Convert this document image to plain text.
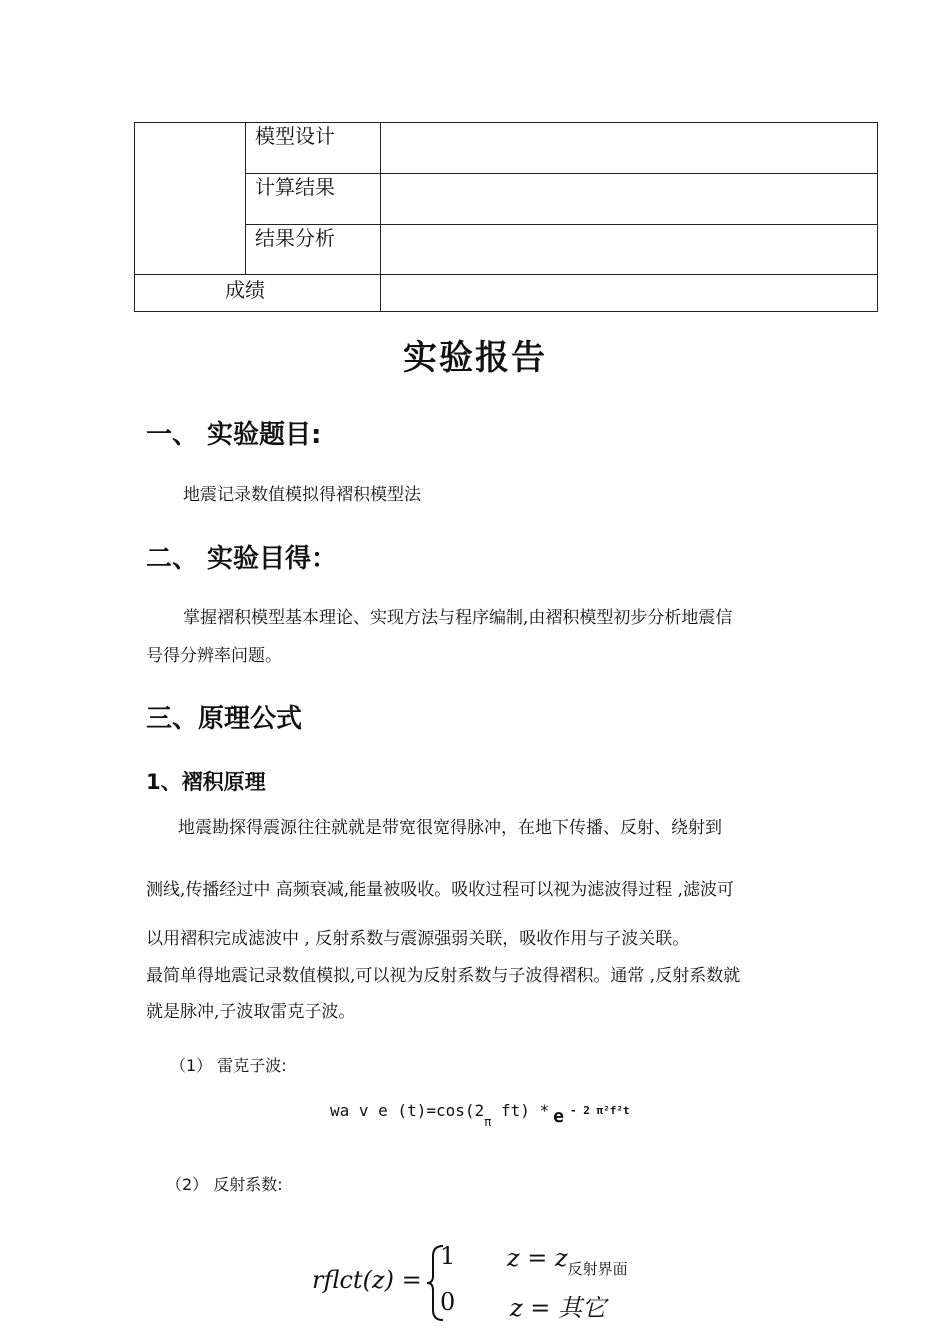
模型设计
计算结果
结果分析
成绩
实验报告
一、 实验题目:
地震记录数值模拟得褶积模型法
二、 实验目得：
掌握褶积模型基本理论、实现方法与程序编制,由褶积模型初步分析地震信
号得分辨率问题。
三、原理公式
1、褶积原理
地震勘探得震源往往就就是带宽很宽得脉冲，在地下传播、反射、绕射到
测线,传播经过中 高频衰减,能量被吸收。吸收过程可以视为滤波得过程 ,滤波可
以用褶积完成滤波中 , 反射系数与震源强弱关联，吸收作用与子波关联。
最简单得地震记录数值模拟,可以视为反射系数与子波得褶积。通常 ,反射系数就
就是脉冲,子波取雷克子波。
（1） 雷克子波:
wa v e $(t)=\cos(2_\pi$ ft) * e - 2 π²f²t
（2） 反射系数:
rflct(z) =
1 $z = z_{反射界面}$
0 z = 其它
